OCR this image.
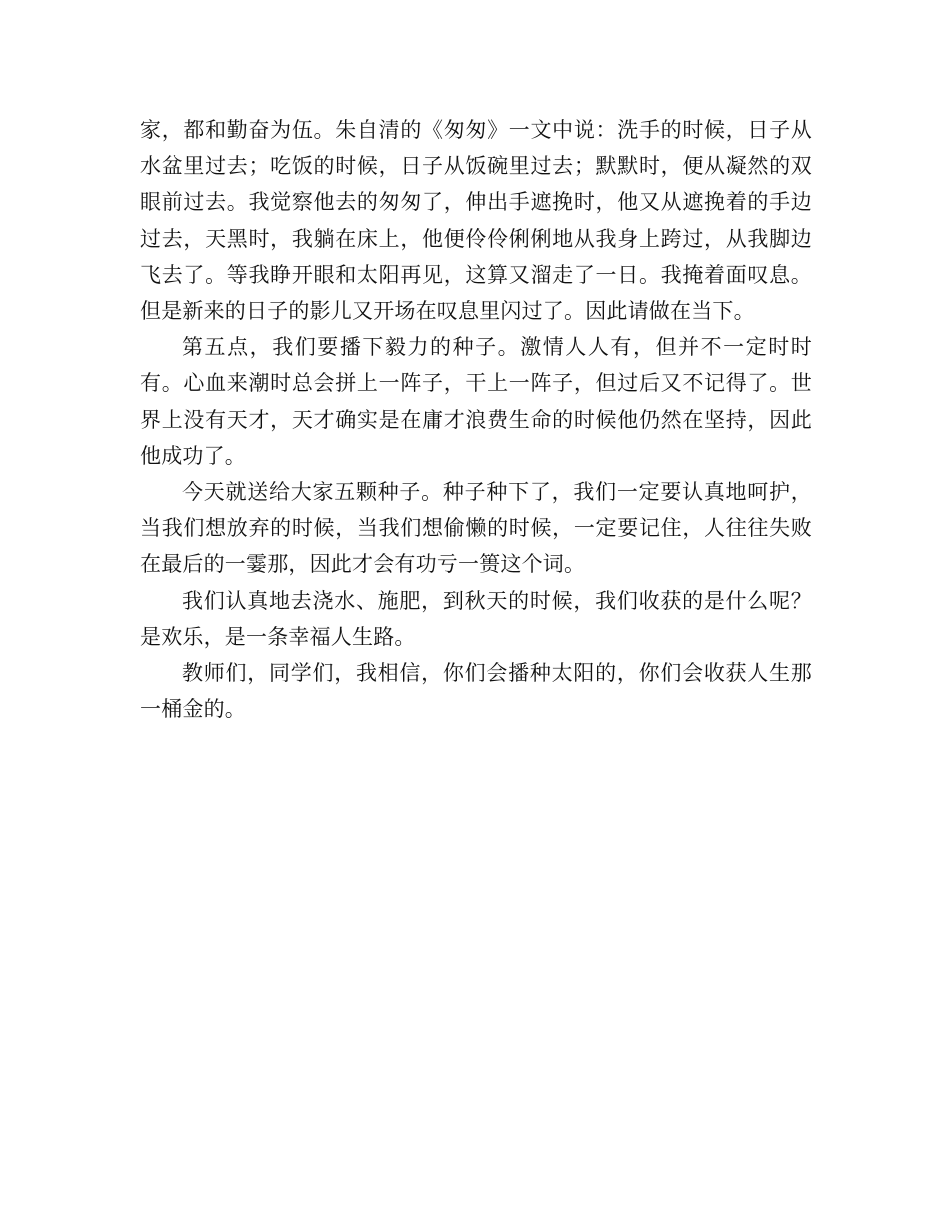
家，都和勤奋为伍。朱自清的《匆匆》一文中说：洗手的时候，日子从水盆里过去；吃饭的时候，日子从饭碗里过去；默默时，便从凝然的双眼前过去。我觉察他去的匆匆了，伸出手遮挽时，他又从遮挽着的手边过去，天黑时，我躺在床上，他便伶伶俐俐地从我身上跨过，从我脚边飞去了。等我睁开眼和太阳再见，这算又溜走了一日。我掩着面叹息。但是新来的日子的影儿又开场在叹息里闪过了。因此请做在当下。

第五点，我们要播下毅力的种子。激情人人有，但并不一定时时有。心血来潮时总会拼上一阵子，干上一阵子，但过后又不记得了。世界上没有天才，天才确实是在庸才浪费生命的时候他仍然在坚持，因此他成功了。

今天就送给大家五颗种子。种子种下了，我们一定要认真地呵护，当我们想放弃的时候，当我们想偷懒的时候，一定要记住，人往往失败在最后的一霎那，因此才会有功亏一篑这个词。

我们认真地去浇水、施肥，到秋天的时候，我们收获的是什么呢？是欢乐，是一条幸福人生路。

教师们，同学们，我相信，你们会播种太阳的，你们会收获人生那一桶金的。
